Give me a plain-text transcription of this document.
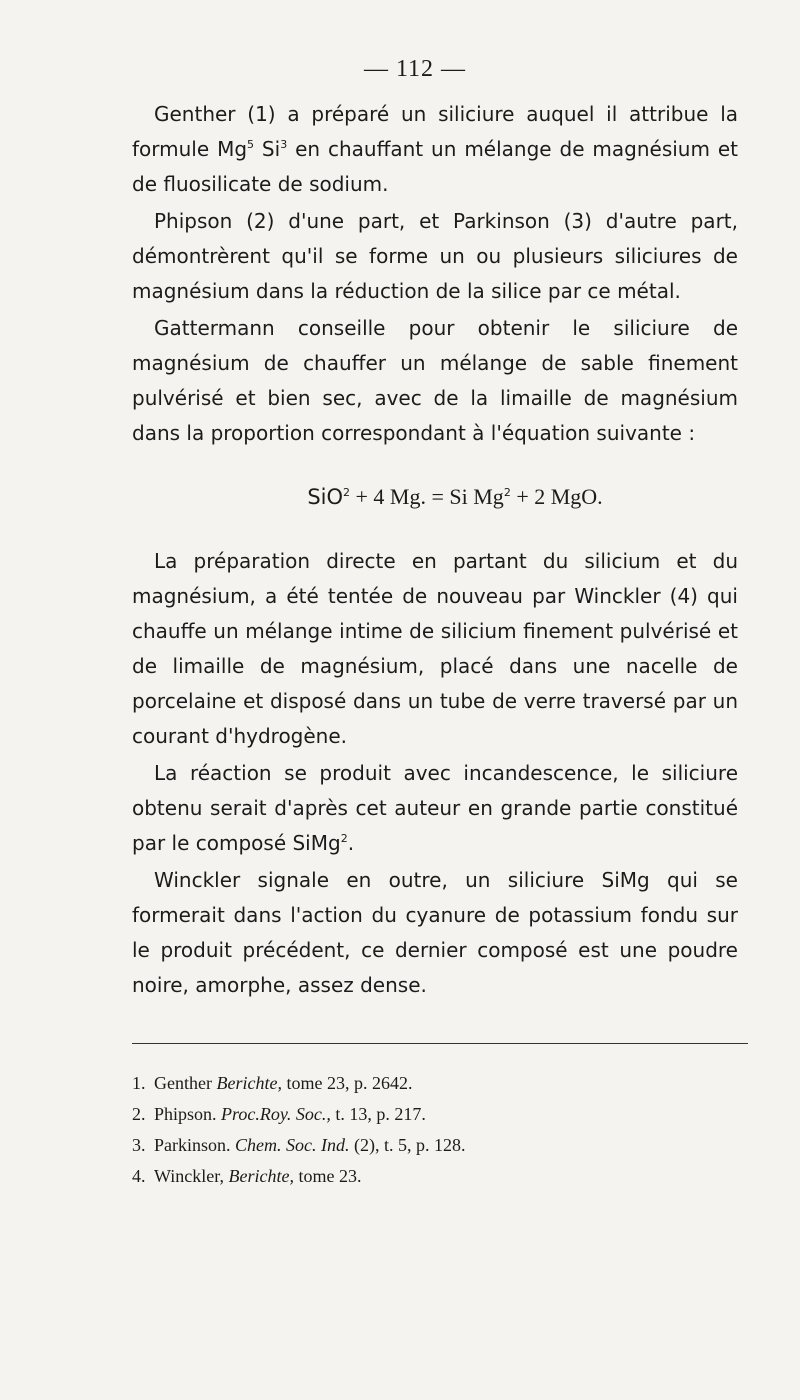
— 112 —

Genther (1) a préparé un siliciure auquel il attribue la formule Mg$^5$ Si$^3$ en chauffant un mélange de magnésium et de fluosilicate de sodium.

Phipson (2) d'une part, et Parkinson (3) d'autre part, démontrèrent qu'il se forme un ou plusieurs siliciures de magnésium dans la réduction de la silice par ce métal.

Gattermann conseille pour obtenir le siliciure de magnésium de chauffer un mélange de sable finement pulvérisé et bien sec, avec de la limaille de magnésium dans la proportion correspondant à l'équation suivante :

SiO$^2$ + 4 Mg. = Si $Mg^2 + 2$ MgO.

La préparation directe en partant du silicium et du magnésium, a été tentée de nouveau par Winckler (4) qui chauffe un mélange intime de silicium finement pulvérisé et de limaille de magnésium, placé dans une nacelle de porcelaine et disposé dans un tube de verre traversé par un courant d'hydrogène.

La réaction se produit avec incandescence, le siliciure obtenu serait d'après cet auteur en grande partie constitué par le composé SiMg$^2$.

Winckler signale en outre, un siliciure SiMg qui se formerait dans l'action du cyanure de potassium fondu sur le produit précédent, ce dernier composé est une poudre noire, amorphe, assez dense.

1. Genther Berichte, tome 23, p. 2642.

2. Phipson. Proc.Roy. Soc., t. 13, p. 217.

3. Parkinson. Chem. Soc. Ind. (2), t. 5, p. 128.

4. Winckler, Berichte, tome 23.
